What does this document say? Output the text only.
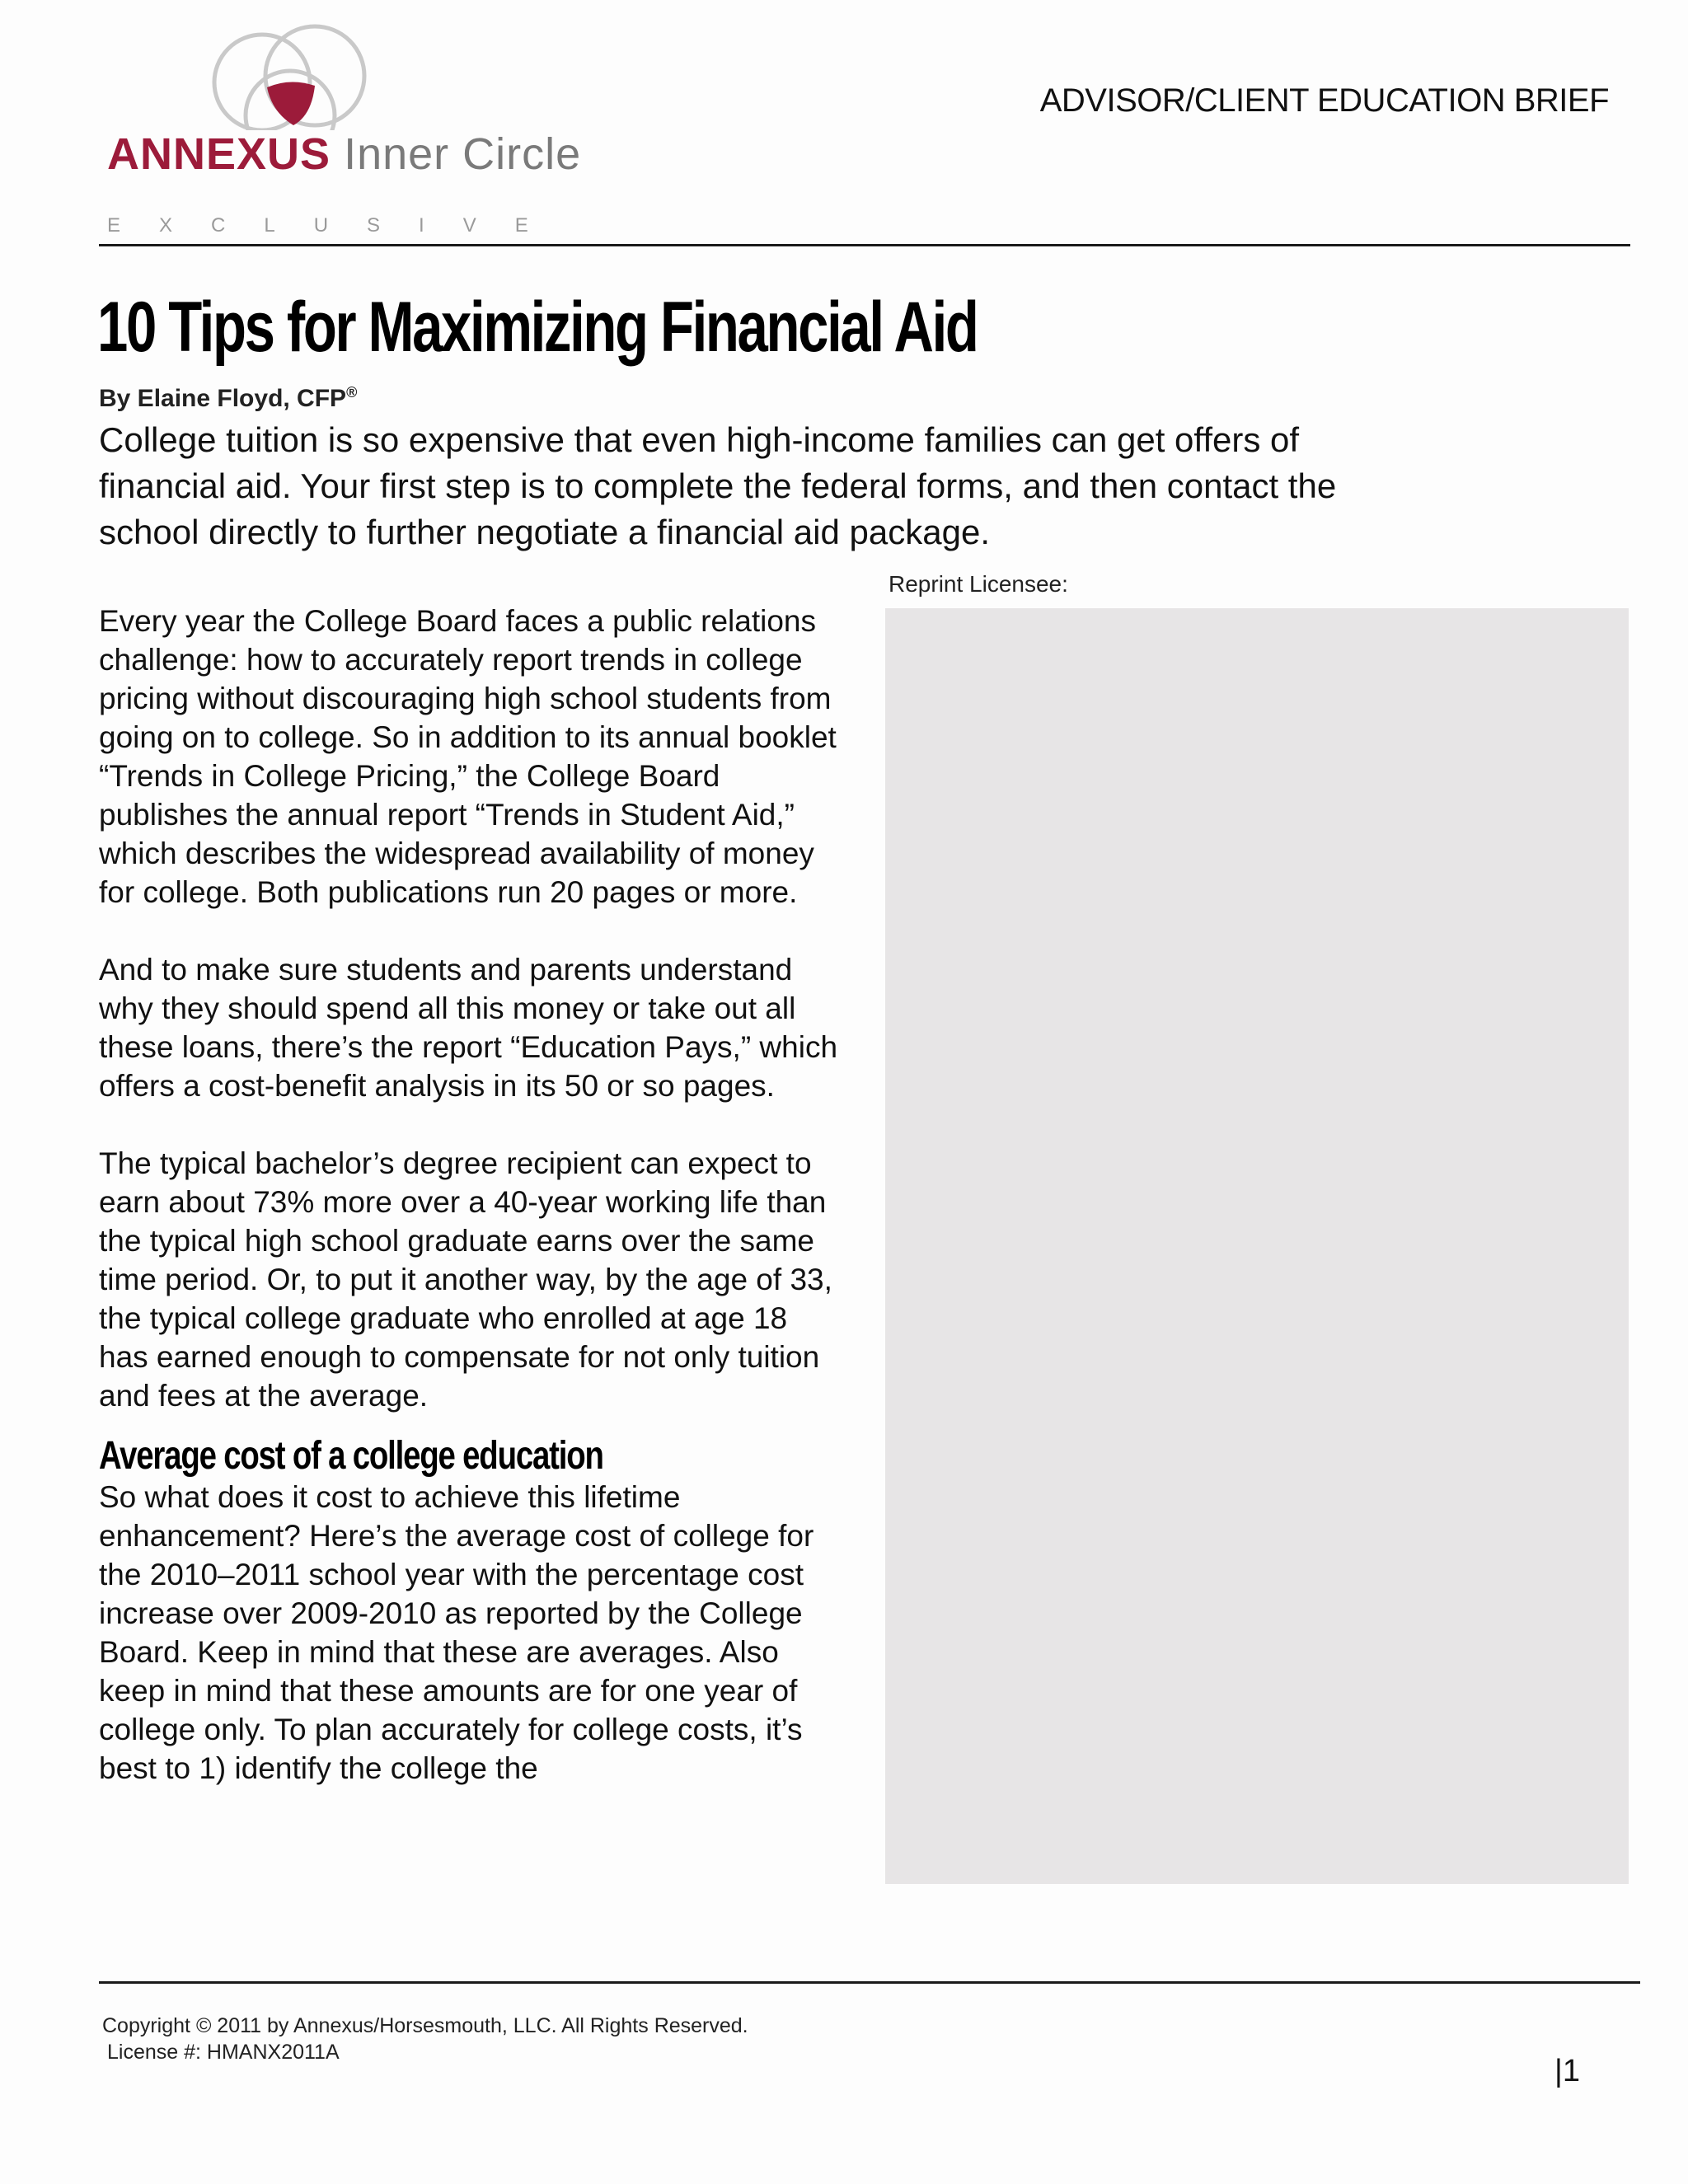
ANNEXUS Inner Circle
EXCLUSIVE
ADVISOR/CLIENT EDUCATION BRIEF
10 Tips for Maximizing Financial Aid
By Elaine Floyd, CFP®
College tuition is so expensive that even high-income families can get offers of financial aid. Your first step is to complete the federal forms, and then contact the school directly to further negotiate a financial aid package.
Reprint Licensee:

Every year the College Board faces a public relations challenge: how to accurately report trends in college pricing without discouraging high school students from going on to college. So in addition to its annual booklet “Trends in College Pricing,” the College Board publishes the annual report “Trends in Student Aid,” which describes the widespread availability of money for college. Both publications run 20 pages or more.

And to make sure students and parents understand why they should spend all this money or take out all these loans, there’s the report “Education Pays,” which offers a cost-benefit analysis in its 50 or so pages.

The typical bachelor’s degree recipient can expect to earn about 73% more over a 40-year working life than the typical high school graduate earns over the same time period. Or, to put it another way, by the age of 33, the typical college graduate who enrolled at age 18 has earned enough to compensate for not only tuition and fees at the average.

Average cost of a college education

So what does it cost to achieve this lifetime enhancement? Here’s the average cost of college for the 2010–2011 school year with the percentage cost increase over 2009-2010 as reported by the College Board. Keep in mind that these are averages. Also keep in mind that these amounts are for one year of college only. To plan accurately for college costs, it’s best to 1) identify the college the

Copyright © 2011 by Annexus/Horsesmouth, LLC. All Rights Reserved.
License #: HMANX2011A
|1
